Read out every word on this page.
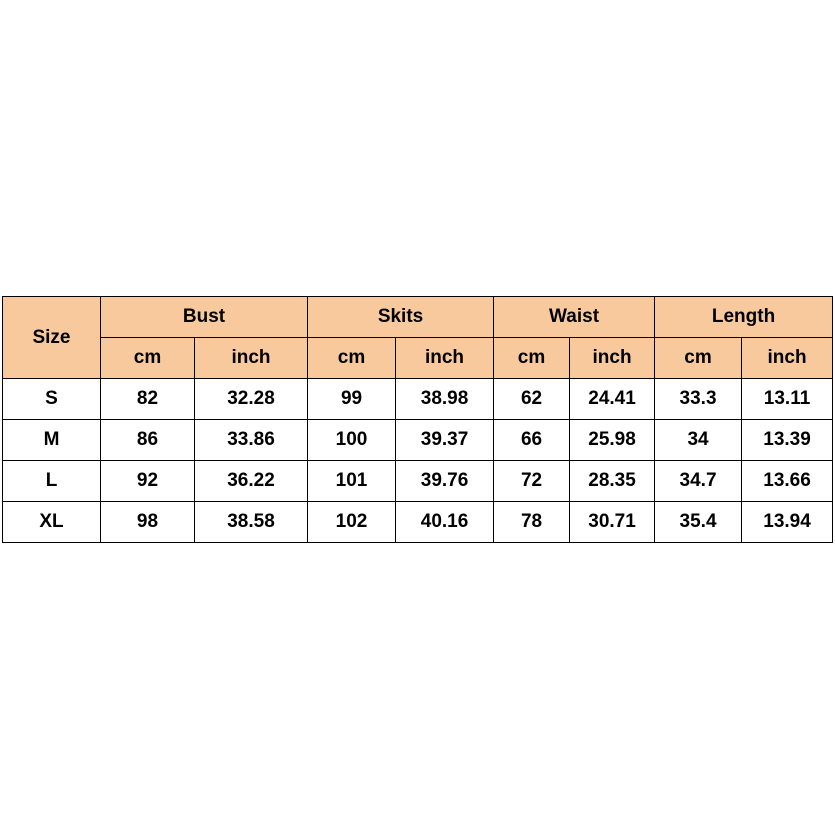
Size	Bust		Skits		Waist		Length	
	cm	inch	cm	inch	cm	inch	cm	inch
S	82	32.28	99	38.98	62	24.41	33.3	13.11
M	86	33.86	100	39.37	66	25.98	34	13.39
L	92	36.22	101	39.76	72	28.35	34.7	13.66
XL	98	38.58	102	40.16	78	30.71	35.4	13.94
